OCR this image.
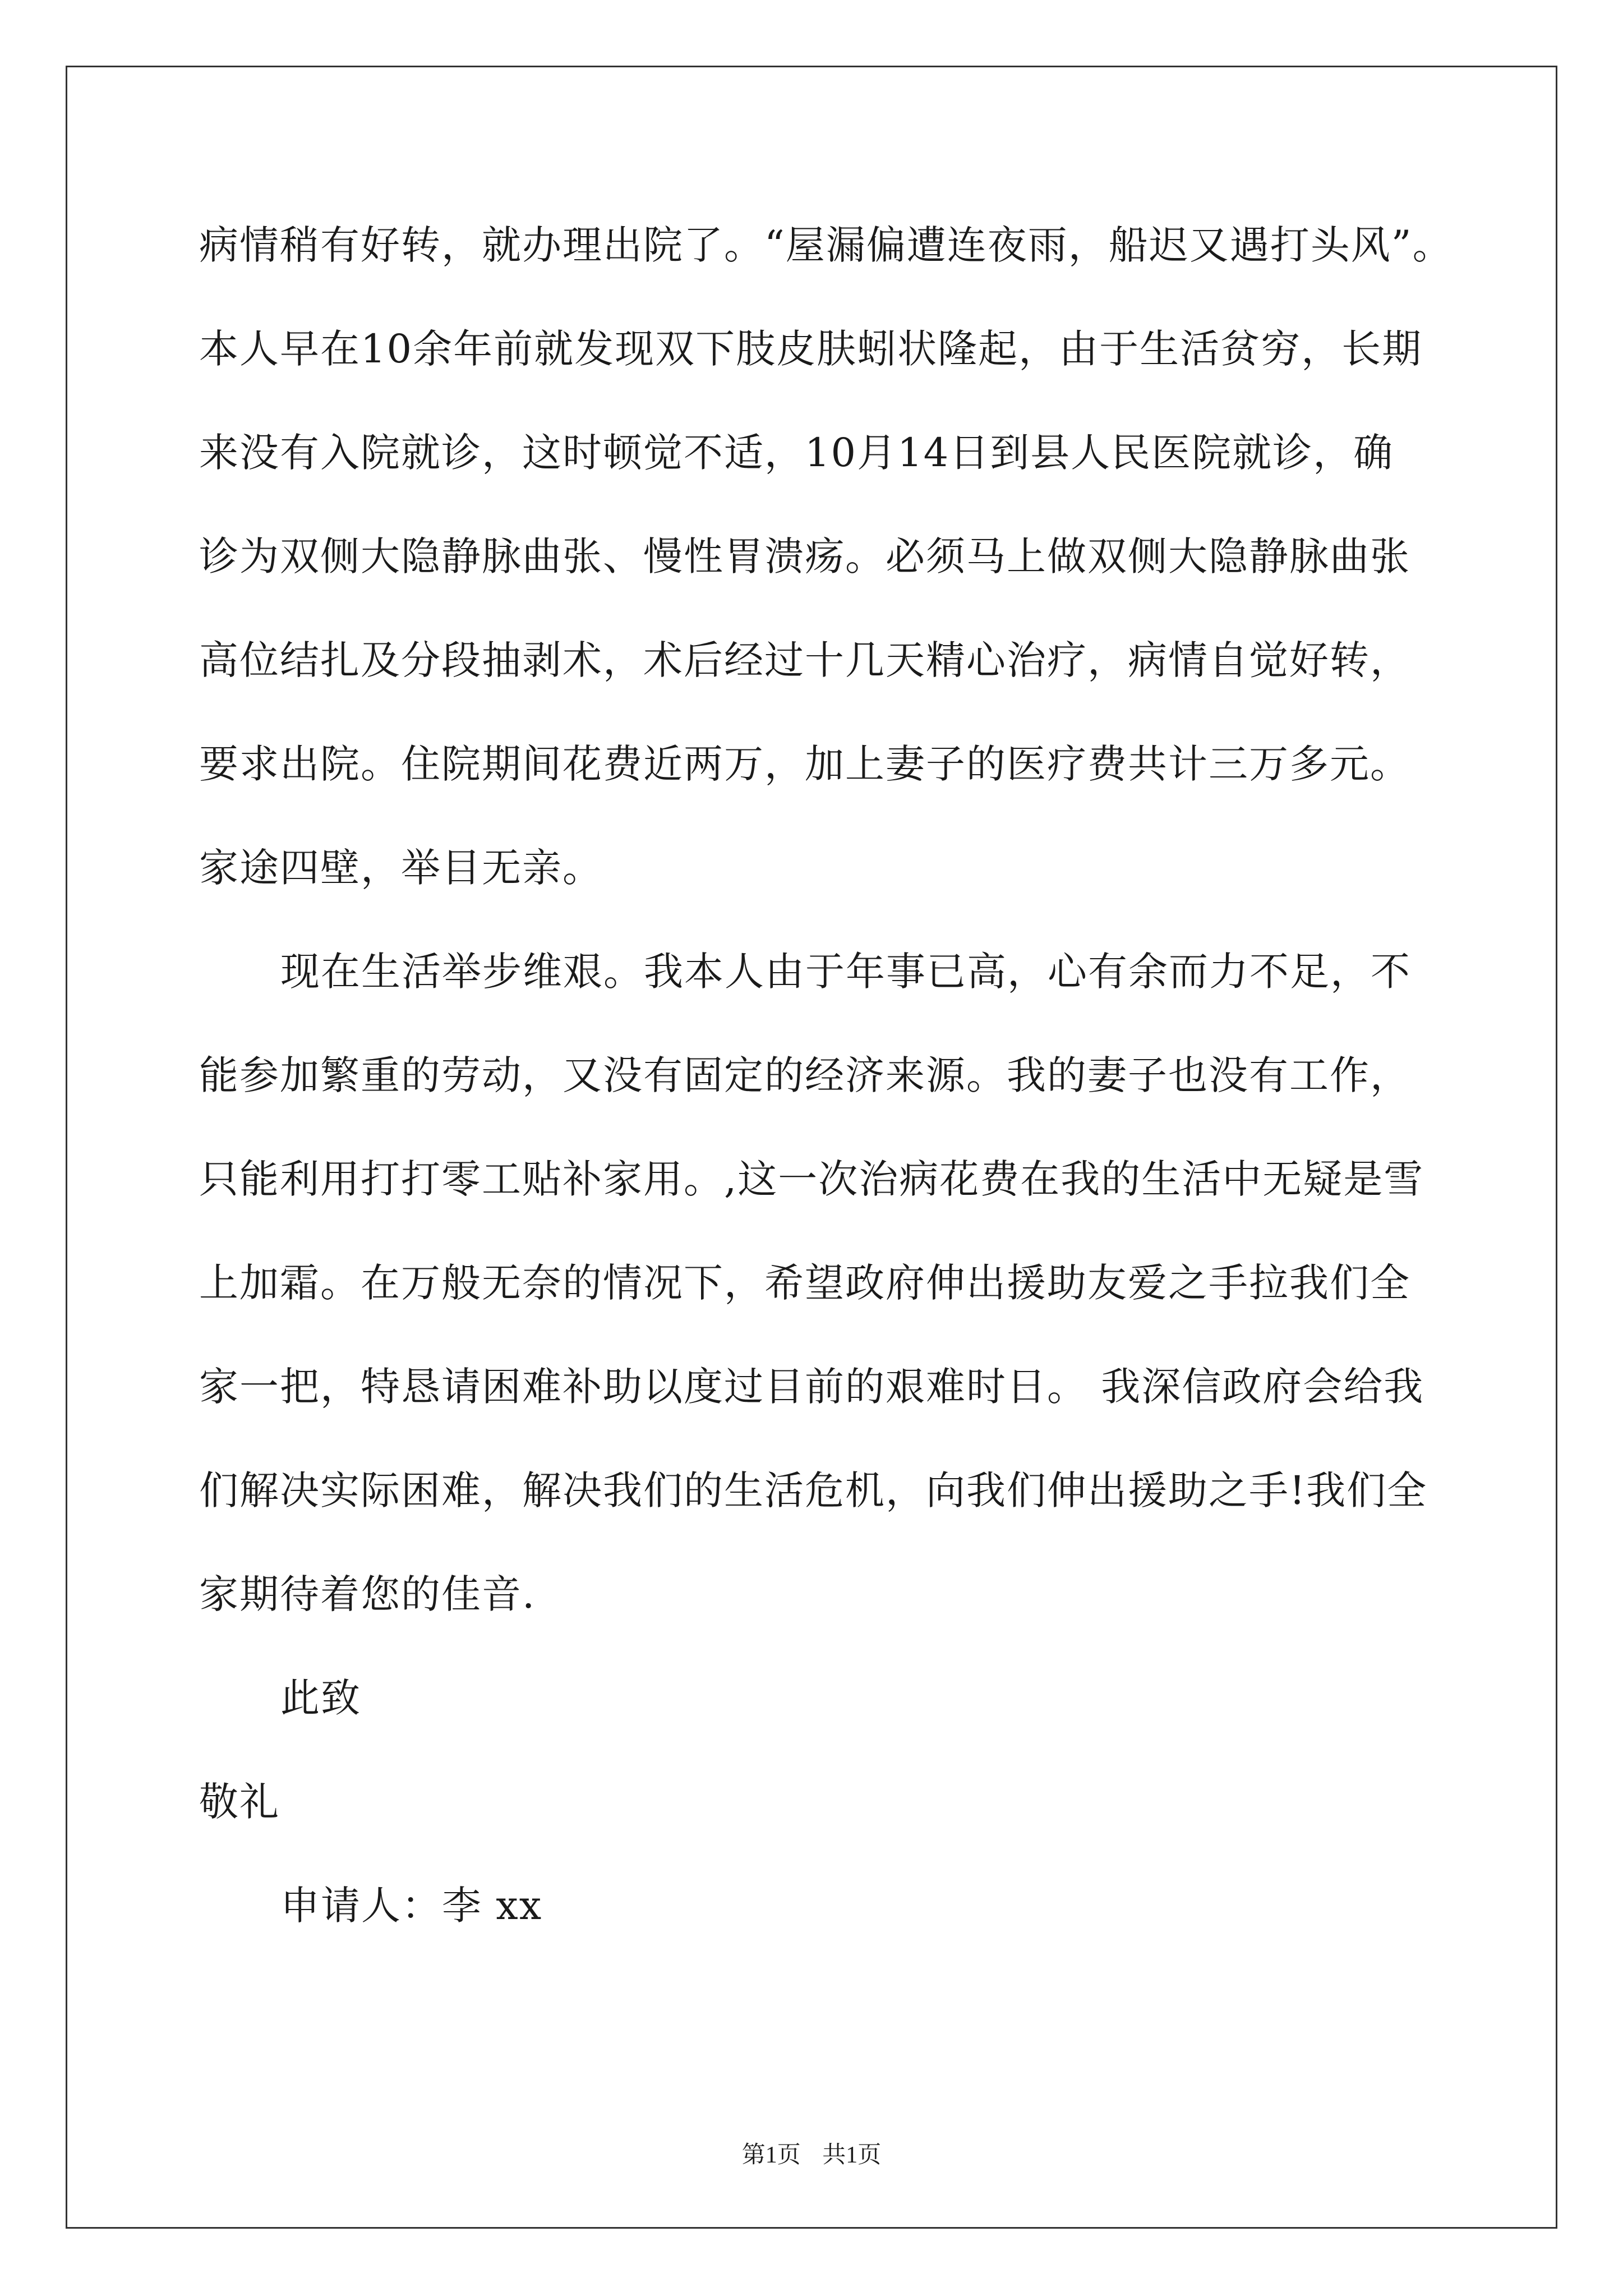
病情稍有好转，就办理出院了。“屋漏偏遭连夜雨，船迟又遇打头风”。
本人早在10余年前就发现双下肢皮肤蚓状隆起，由于生活贫穷，长期
来没有入院就诊，这时顿觉不适，10月14日到县人民医院就诊，确
诊为双侧大隐静脉曲张、慢性胃溃疡。必须马上做双侧大隐静脉曲张
高位结扎及分段抽剥术，术后经过十几天精心治疗，病情自觉好转，
要求出院。住院期间花费近两万，加上妻子的医疗费共计三万多元。
家途四壁，举目无亲。
现在生活举步维艰。我本人由于年事已高，心有余而力不足，不
能参加繁重的劳动，又没有固定的经济来源。我的妻子也没有工作，
只能利用打打零工贴补家用。,这一次治病花费在我的生活中无疑是雪
上加霜。在万般无奈的情况下，希望政府伸出援助友爱之手拉我们全
家一把，特恳请困难补助以度过目前的艰难时日。 我深信政府会给我
们解决实际困难，解决我们的生活危机，向我们伸出援助之手!我们全
家期待着您的佳音.
此致
敬礼
申请人：李 xx
第1页 共1页
